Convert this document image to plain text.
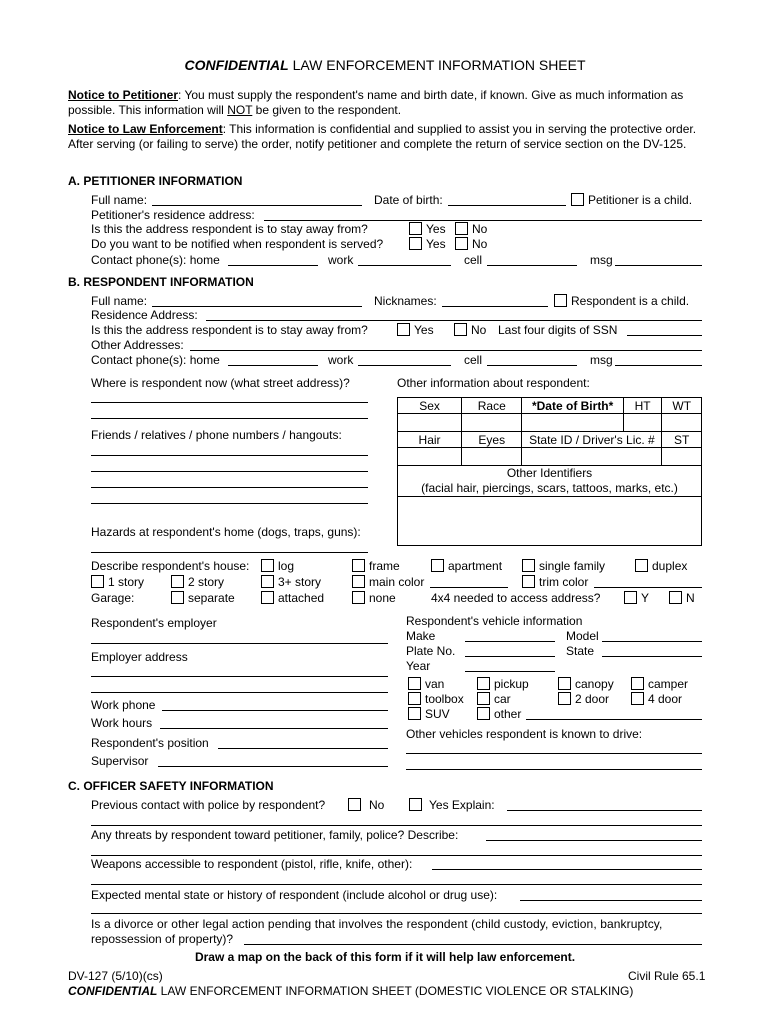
CONFIDENTIAL LAW ENFORCEMENT INFORMATION SHEET
Notice to Petitioner: You must supply the respondent's name and birth date, if known. Give as much information as possible. This information will NOT be given to the respondent.
Notice to Law Enforcement: This information is confidential and supplied to assist you in serving the protective order. After serving (or failing to serve) the order, notify petitioner and complete the return of service section on the DV-125.
A. PETITIONER INFORMATION
Full name:	Date of birth:	Petitioner is a child.
Petitioner's residence address:
Is this the address respondent is to stay away from?	Yes No
Do you want to be notified when respondent is served?	Yes No
Contact phone(s): home	work	cell	msg
B. RESPONDENT INFORMATION
Full name:	Nicknames:	Respondent is a child.
Residence Address:
Is this the address respondent is to stay away from?	Yes	No Last four digits of SSN
Other Addresses:
Contact phone(s): home	work	cell	msg
Where is respondent now (what street address)?
Friends / relatives / phone numbers / hangouts:
Hazards at respondent's home (dogs, traps, guns):
Other information about respondent:
Sex	Race	*Date of Birth*	HT	WT

Hair	Eyes	State ID / Driver's Lic. #		ST

Other Identifiers
(facial hair, piercings, scars, tattoos, marks, etc.)				

Describe respondent's house: log	frame	apartment	single family	duplex
1 story	2 story	3+ story	main color	trim color
Garage:	separate	attached	none	4x4 needed to access address?	Y	N
Respondent's employer
Employer address
Work phone
Work hours
Respondent's position
Supervisor
Respondent's vehicle information
Make	Model
Plate No.	State
Year
van	pickup	canopy	camper
toolbox	car	2 door	4 door
SUV	other
Other vehicles respondent is known to drive:
C. OFFICER SAFETY INFORMATION
Previous contact with police by respondent?	No	Yes Explain:
Any threats by respondent toward petitioner, family, police? Describe:
Weapons accessible to respondent (pistol, rifle, knife, other):
Expected mental state or history of respondent (include alcohol or drug use):
Is a divorce or other legal action pending that involves the respondent (child custody, eviction, bankruptcy,
repossession of property)?
Draw a map on the back of this form if it will help law enforcement.
DV-127 (5/10)(cs)	Civil Rule 65.1
CONFIDENTIAL LAW ENFORCEMENT INFORMATION SHEET (DOMESTIC VIOLENCE OR STALKING)
